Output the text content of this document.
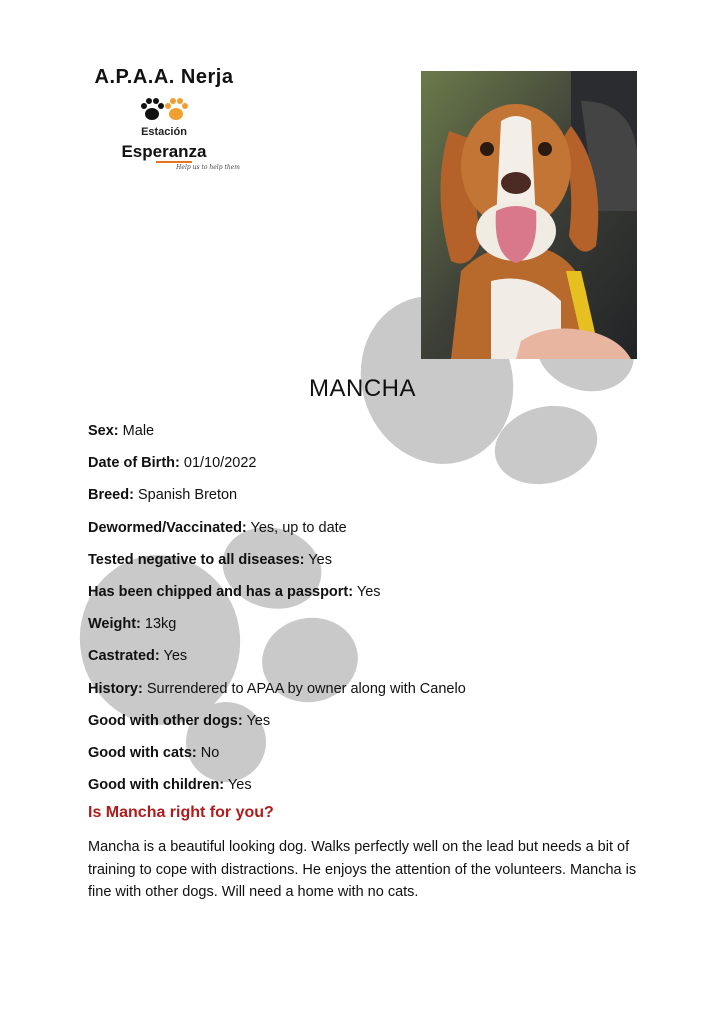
A.P.A.A. Nerja
Estación
Esperanza
Help us to help them
MANCHA
Sex: Male
Date of Birth: 01/10/2022
Breed: Spanish Breton
Dewormed/Vaccinated: Yes, up to date
Tested negative to all diseases: Yes
Has been chipped and has a passport: Yes
Weight: 13kg
Castrated: Yes
History: Surrendered to APAA by owner along with Canelo
Good with other dogs: Yes
Good with cats: No
Good with children: Yes
Is Mancha right for you?
Mancha is a beautiful looking dog. Walks perfectly well on the lead but needs a bit of training to cope with distractions. He enjoys the attention of the volunteers. Mancha is fine with other dogs. Will need a home with no cats.
